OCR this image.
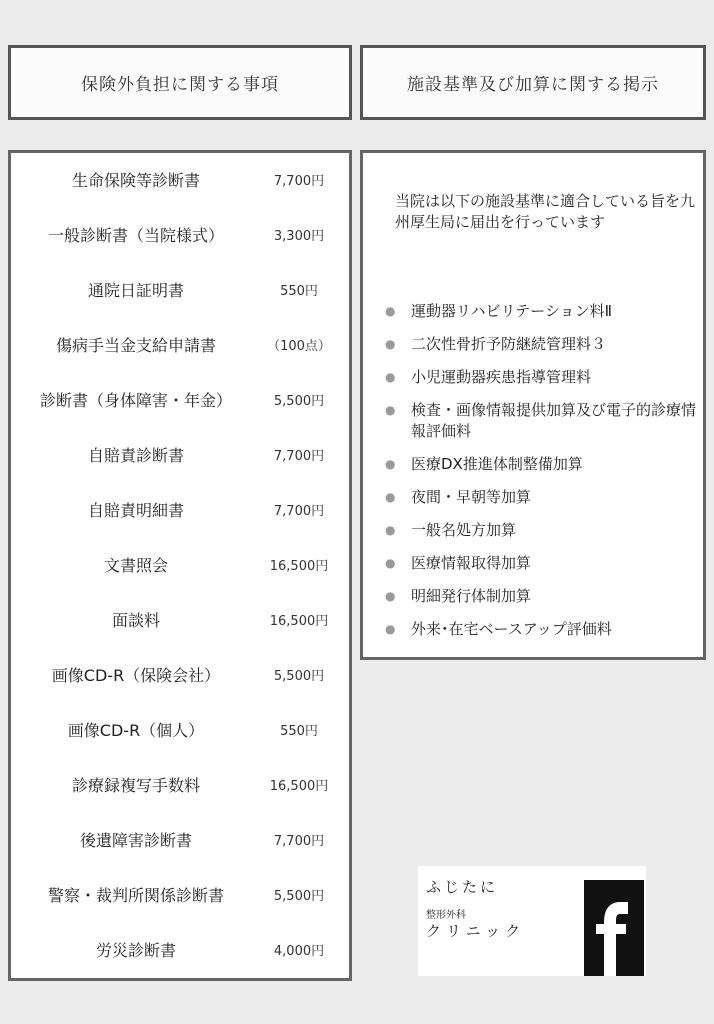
保険外負担に関する事項	施設基準及び加算に関する掲示
生命保険等診断書	7,700円
一般診断書（当院様式）	3,300円
通院日証明書	550円
傷病手当金支給申請書	（100点）
診断書（身体障害・年金）	5,500円
自賠責診断書	7,700円
自賠責明細書	7,700円
文書照会	16,500円
面談料	16,500円
画像CD-R（保険会社）	5,500円
画像CD-R（個人）	550円
診療録複写手数料	16,500円
後遺障害診断書	7,700円
警察・裁判所関係診断書	5,500円
労災診断書	4,000円
当院は以下の施設基準に適合している旨を九州厚生局に届出を行っています
● 運動器リハビリテーション料Ⅱ
● 二次性骨折予防継続管理料３
● 小児運動器疾患指導管理料
● 検査・画像情報提供加算及び電子的診療情報評価料
● 医療DX推進体制整備加算
● 夜間・早朝等加算
● 一般名処方加算
● 医療情報取得加算
● 明細発行体制加算
● 外来･在宅ベースアップ評価料
ふじたに
整形外科
クリニック
